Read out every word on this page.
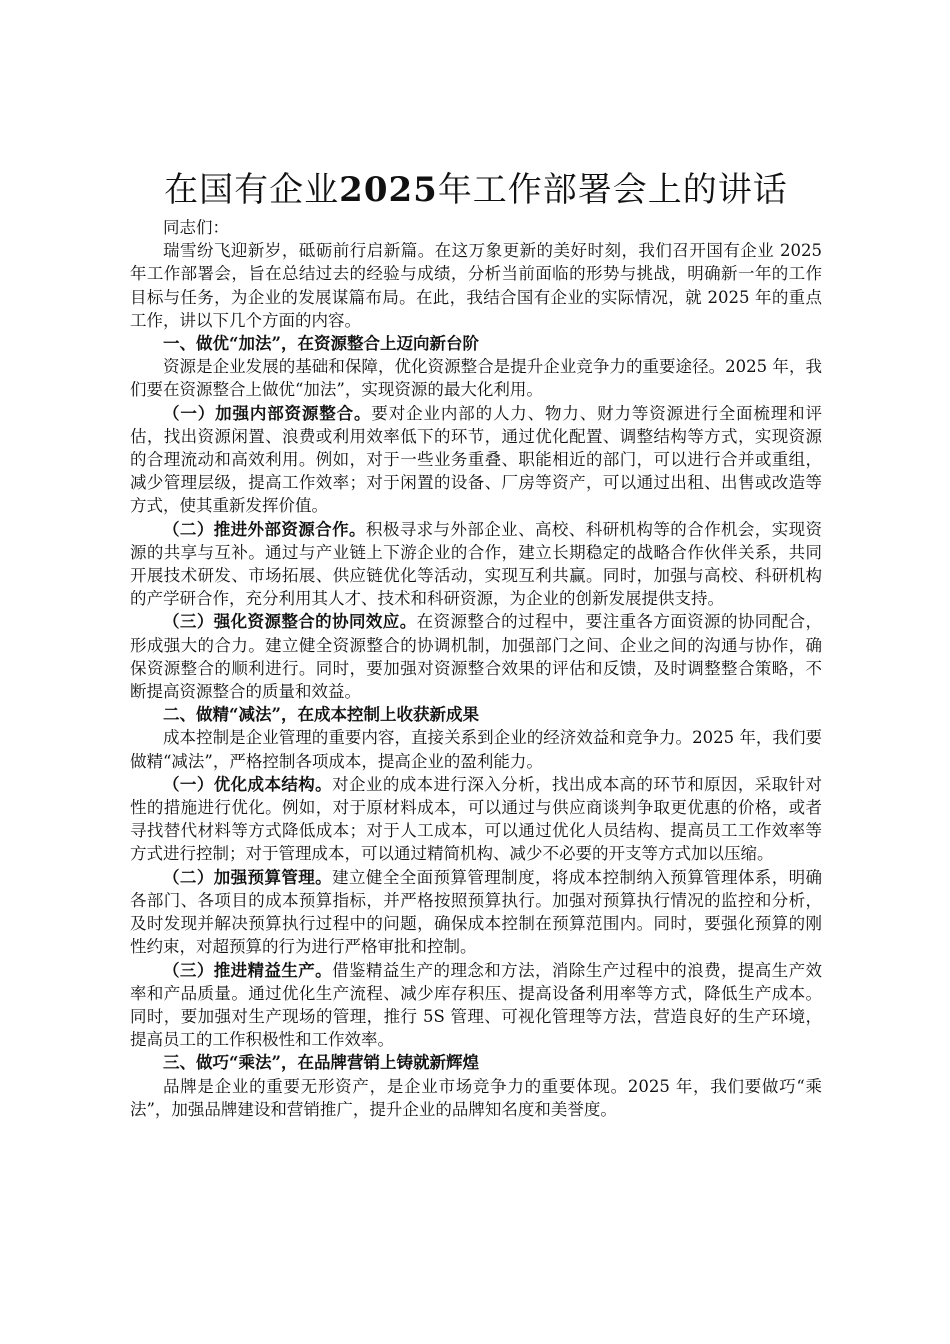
在国有企业2025年工作部署会上的讲话

同志们：

瑞雪纷飞迎新岁，砥砺前行启新篇。在这万象更新的美好时刻，我们召开国有企业 2025 年工作部署会，旨在总结过去的经验与成绩，分析当前面临的形势与挑战，明确新一年的工作目标与任务，为企业的发展谋篇布局。在此，我结合国有企业的实际情况，就 2025 年的重点工作，讲以下几个方面的内容。

一、做优“加法”，在资源整合上迈向新台阶

资源是企业发展的基础和保障，优化资源整合是提升企业竞争力的重要途径。2025 年，我们要在资源整合上做优“加法”，实现资源的最大化利用。

（一）加强内部资源整合。要对企业内部的人力、物力、财力等资源进行全面梳理和评估，找出资源闲置、浪费或利用效率低下的环节，通过优化配置、调整结构等方式，实现资源的合理流动和高效利用。例如，对于一些业务重叠、职能相近的部门，可以进行合并或重组，减少管理层级，提高工作效率；对于闲置的设备、厂房等资产，可以通过出租、出售或改造等方式，使其重新发挥价值。

（二）推进外部资源合作。积极寻求与外部企业、高校、科研机构等的合作机会，实现资源的共享与互补。通过与产业链上下游企业的合作，建立长期稳定的战略合作伙伴关系，共同开展技术研发、市场拓展、供应链优化等活动，实现互利共赢。同时，加强与高校、科研机构的产学研合作，充分利用其人才、技术和科研资源，为企业的创新发展提供支持。

（三）强化资源整合的协同效应。在资源整合的过程中，要注重各方面资源的协同配合，形成强大的合力。建立健全资源整合的协调机制，加强部门之间、企业之间的沟通与协作，确保资源整合的顺利进行。同时，要加强对资源整合效果的评估和反馈，及时调整整合策略，不断提高资源整合的质量和效益。

二、做精“减法”，在成本控制上收获新成果

成本控制是企业管理的重要内容，直接关系到企业的经济效益和竞争力。2025 年，我们要做精“减法”，严格控制各项成本，提高企业的盈利能力。

（一）优化成本结构。对企业的成本进行深入分析，找出成本高的环节和原因，采取针对性的措施进行优化。例如，对于原材料成本，可以通过与供应商谈判争取更优惠的价格，或者寻找替代材料等方式降低成本；对于人工成本，可以通过优化人员结构、提高员工工作效率等方式进行控制；对于管理成本，可以通过精简机构、减少不必要的开支等方式加以压缩。

（二）加强预算管理。建立健全全面预算管理制度，将成本控制纳入预算管理体系，明确各部门、各项目的成本预算指标，并严格按照预算执行。加强对预算执行情况的监控和分析，及时发现并解决预算执行过程中的问题，确保成本控制在预算范围内。同时，要强化预算的刚性约束，对超预算的行为进行严格审批和控制。

（三）推进精益生产。借鉴精益生产的理念和方法，消除生产过程中的浪费，提高生产效率和产品质量。通过优化生产流程、减少库存积压、提高设备利用率等方式，降低生产成本。同时，要加强对生产现场的管理，推行 5S 管理、可视化管理等方法，营造良好的生产环境，提高员工的工作积极性和工作效率。

三、做巧“乘法”，在品牌营销上铸就新辉煌

品牌是企业的重要无形资产，是企业市场竞争力的重要体现。2025 年，我们要做巧“乘法”，加强品牌建设和营销推广，提升企业的品牌知名度和美誉度。
